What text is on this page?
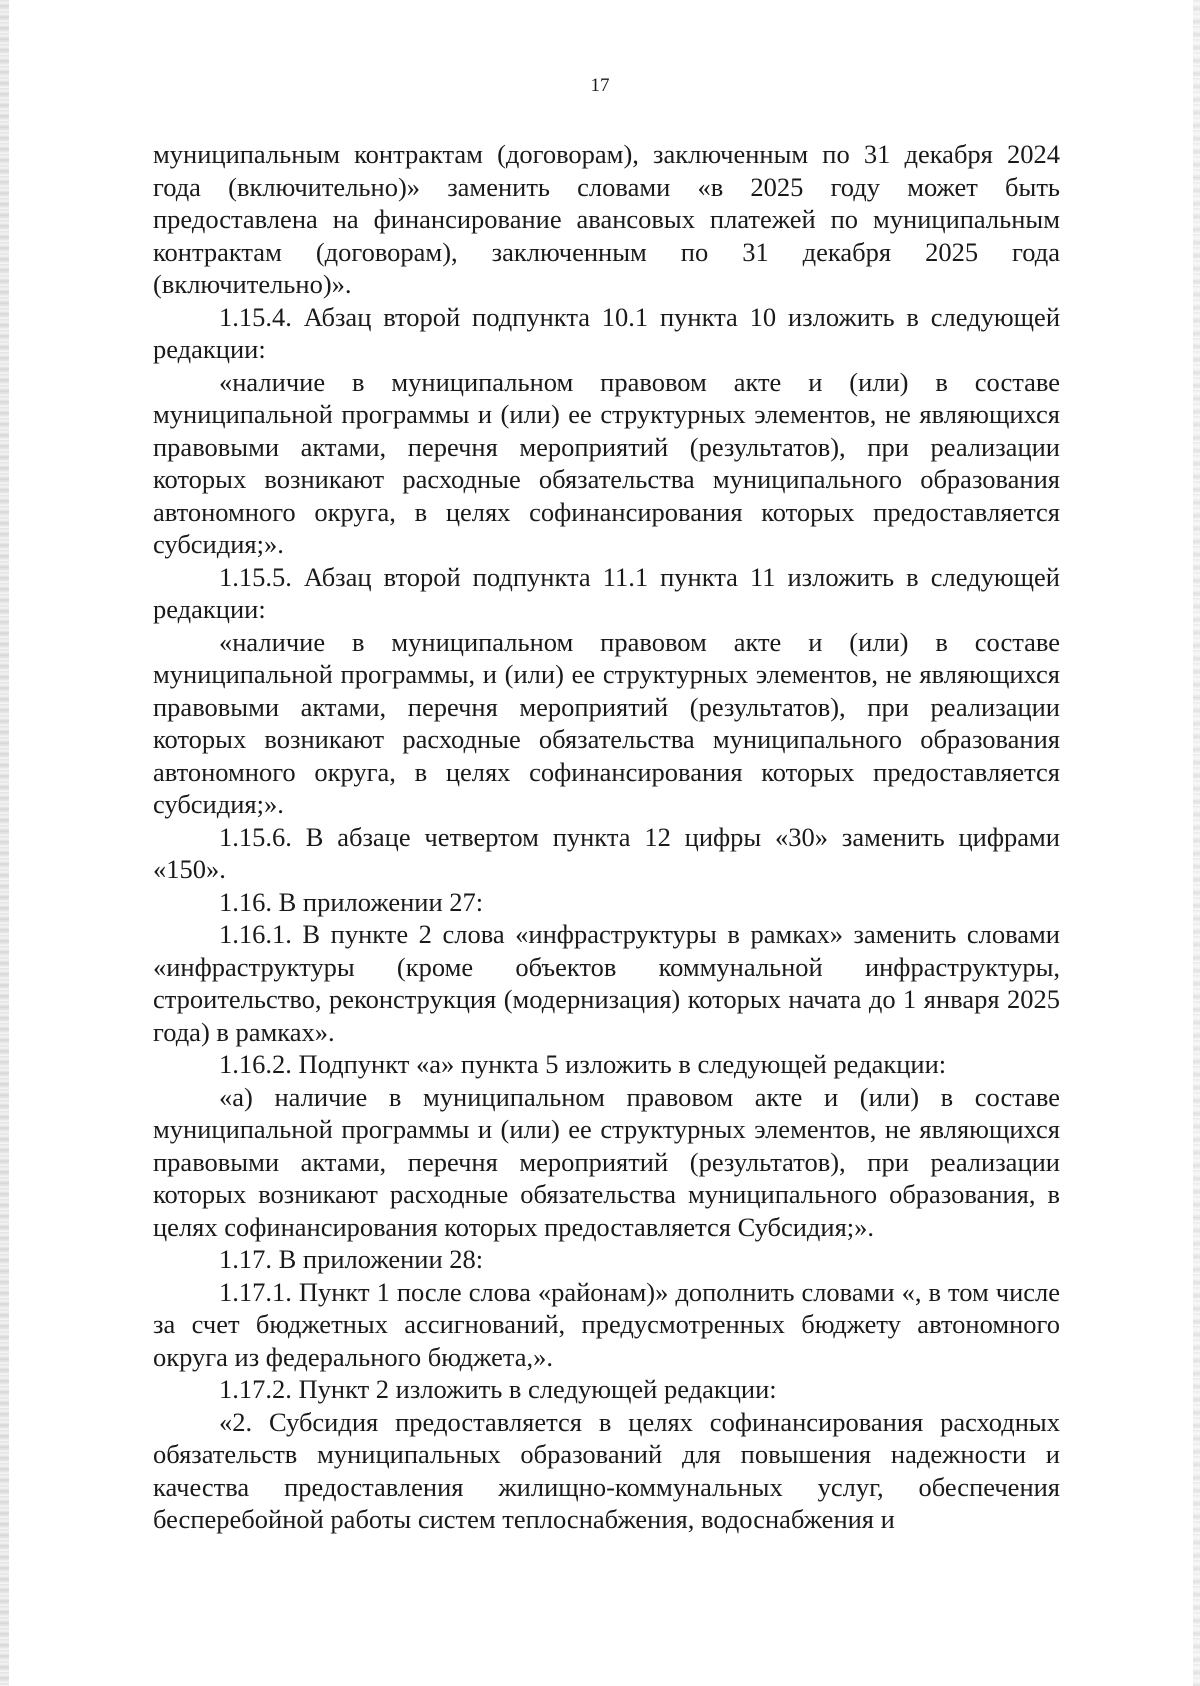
17

муниципальным контрактам (договорам), заключенным по 31 декабря 2024 года (включительно)» заменить словами «в 2025 году может быть предоставлена на финансирование авансовых платежей по муниципальным контрактам (договорам), заключенным по 31 декабря 2025 года (включительно)».

1.15.4. Абзац второй подпункта 10.1 пункта 10 изложить в следующей редакции:

«наличие в муниципальном правовом акте и (или) в составе муниципальной программы и (или) ее структурных элементов, не являющихся правовыми актами, перечня мероприятий (результатов), при реализации которых возникают расходные обязательства муниципального образования автономного округа, в целях софинансирования которых предоставляется субсидия;».

1.15.5. Абзац второй подпункта 11.1 пункта 11 изложить в следующей редакции:

«наличие в муниципальном правовом акте и (или) в составе муниципальной программы, и (или) ее структурных элементов, не являющихся правовыми актами, перечня мероприятий (результатов), при реализации которых возникают расходные обязательства муниципального образования автономного округа, в целях софинансирования которых предоставляется субсидия;».

1.15.6. В абзаце четвертом пункта 12 цифры «30» заменить цифрами «150».

1.16. В приложении 27:

1.16.1. В пункте 2 слова «инфраструктуры в рамках» заменить словами «инфраструктуры (кроме объектов коммунальной инфраструктуры, строительство, реконструкция (модернизация) которых начата до 1 января 2025 года) в рамках».

1.16.2. Подпункт «а» пункта 5 изложить в следующей редакции:

«а) наличие в муниципальном правовом акте и (или) в составе муниципальной программы и (или) ее структурных элементов, не являющихся правовыми актами, перечня мероприятий (результатов), при реализации которых возникают расходные обязательства муниципального образования, в целях софинансирования которых предоставляется Субсидия;».

1.17. В приложении 28:

1.17.1. Пункт 1 после слова «районам)» дополнить словами «, в том числе за счет бюджетных ассигнований, предусмотренных бюджету автономного округа из федерального бюджета,».

1.17.2. Пункт 2 изложить в следующей редакции:

«2. Субсидия предоставляется в целях софинансирования расходных обязательств муниципальных образований для повышения надежности и качества предоставления жилищно-коммунальных услуг, обеспечения бесперебойной работы систем теплоснабжения, водоснабжения и
